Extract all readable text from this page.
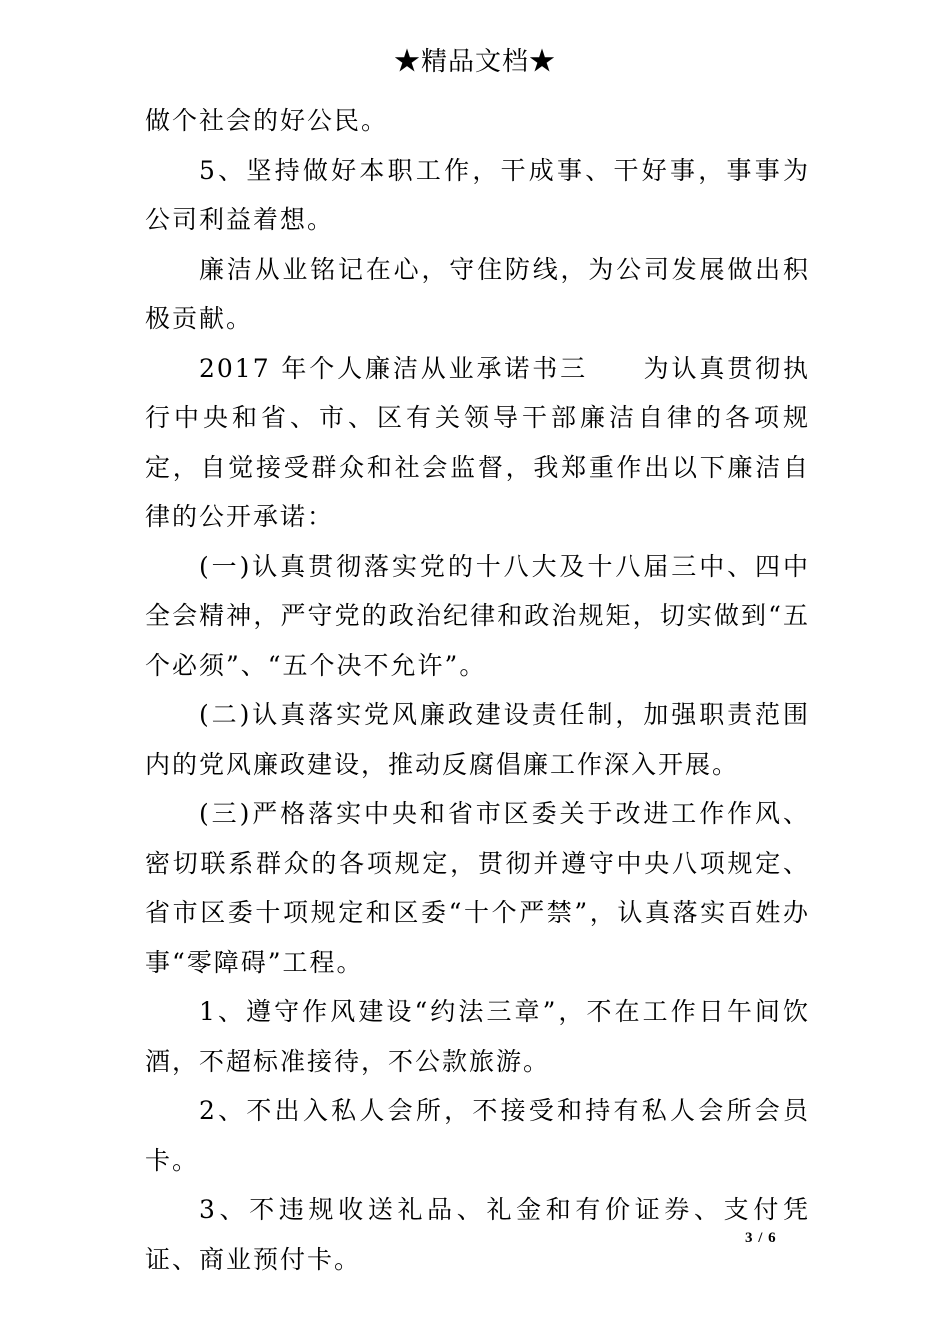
★精品文档★

做个社会的好公民。

5、坚持做好本职工作，干成事、干好事，事事为公司利益着想。

廉洁从业铭记在心，守住防线，为公司发展做出积极贡献。

2017 年个人廉洁从业承诺书三　　为认真贯彻执行中央和省、市、区有关领导干部廉洁自律的各项规定，自觉接受群众和社会监督，我郑重作出以下廉洁自律的公开承诺：

(一)认真贯彻落实党的十八大及十八届三中、四中全会精神，严守党的政治纪律和政治规矩，切实做到“五个必须”、“五个决不允许”。

(二)认真落实党风廉政建设责任制，加强职责范围内的党风廉政建设，推动反腐倡廉工作深入开展。

(三)严格落实中央和省市区委关于改进工作作风、密切联系群众的各项规定，贯彻并遵守中央八项规定、省市区委十项规定和区委“十个严禁”，认真落实百姓办事“零障碍”工程。

1、遵守作风建设“约法三章”，不在工作日午间饮酒，不超标准接待，不公款旅游。

2、不出入私人会所，不接受和持有私人会所会员卡。

3、不违规收送礼品、礼金和有价证券、支付凭证、商业预付卡。

3 / 6
